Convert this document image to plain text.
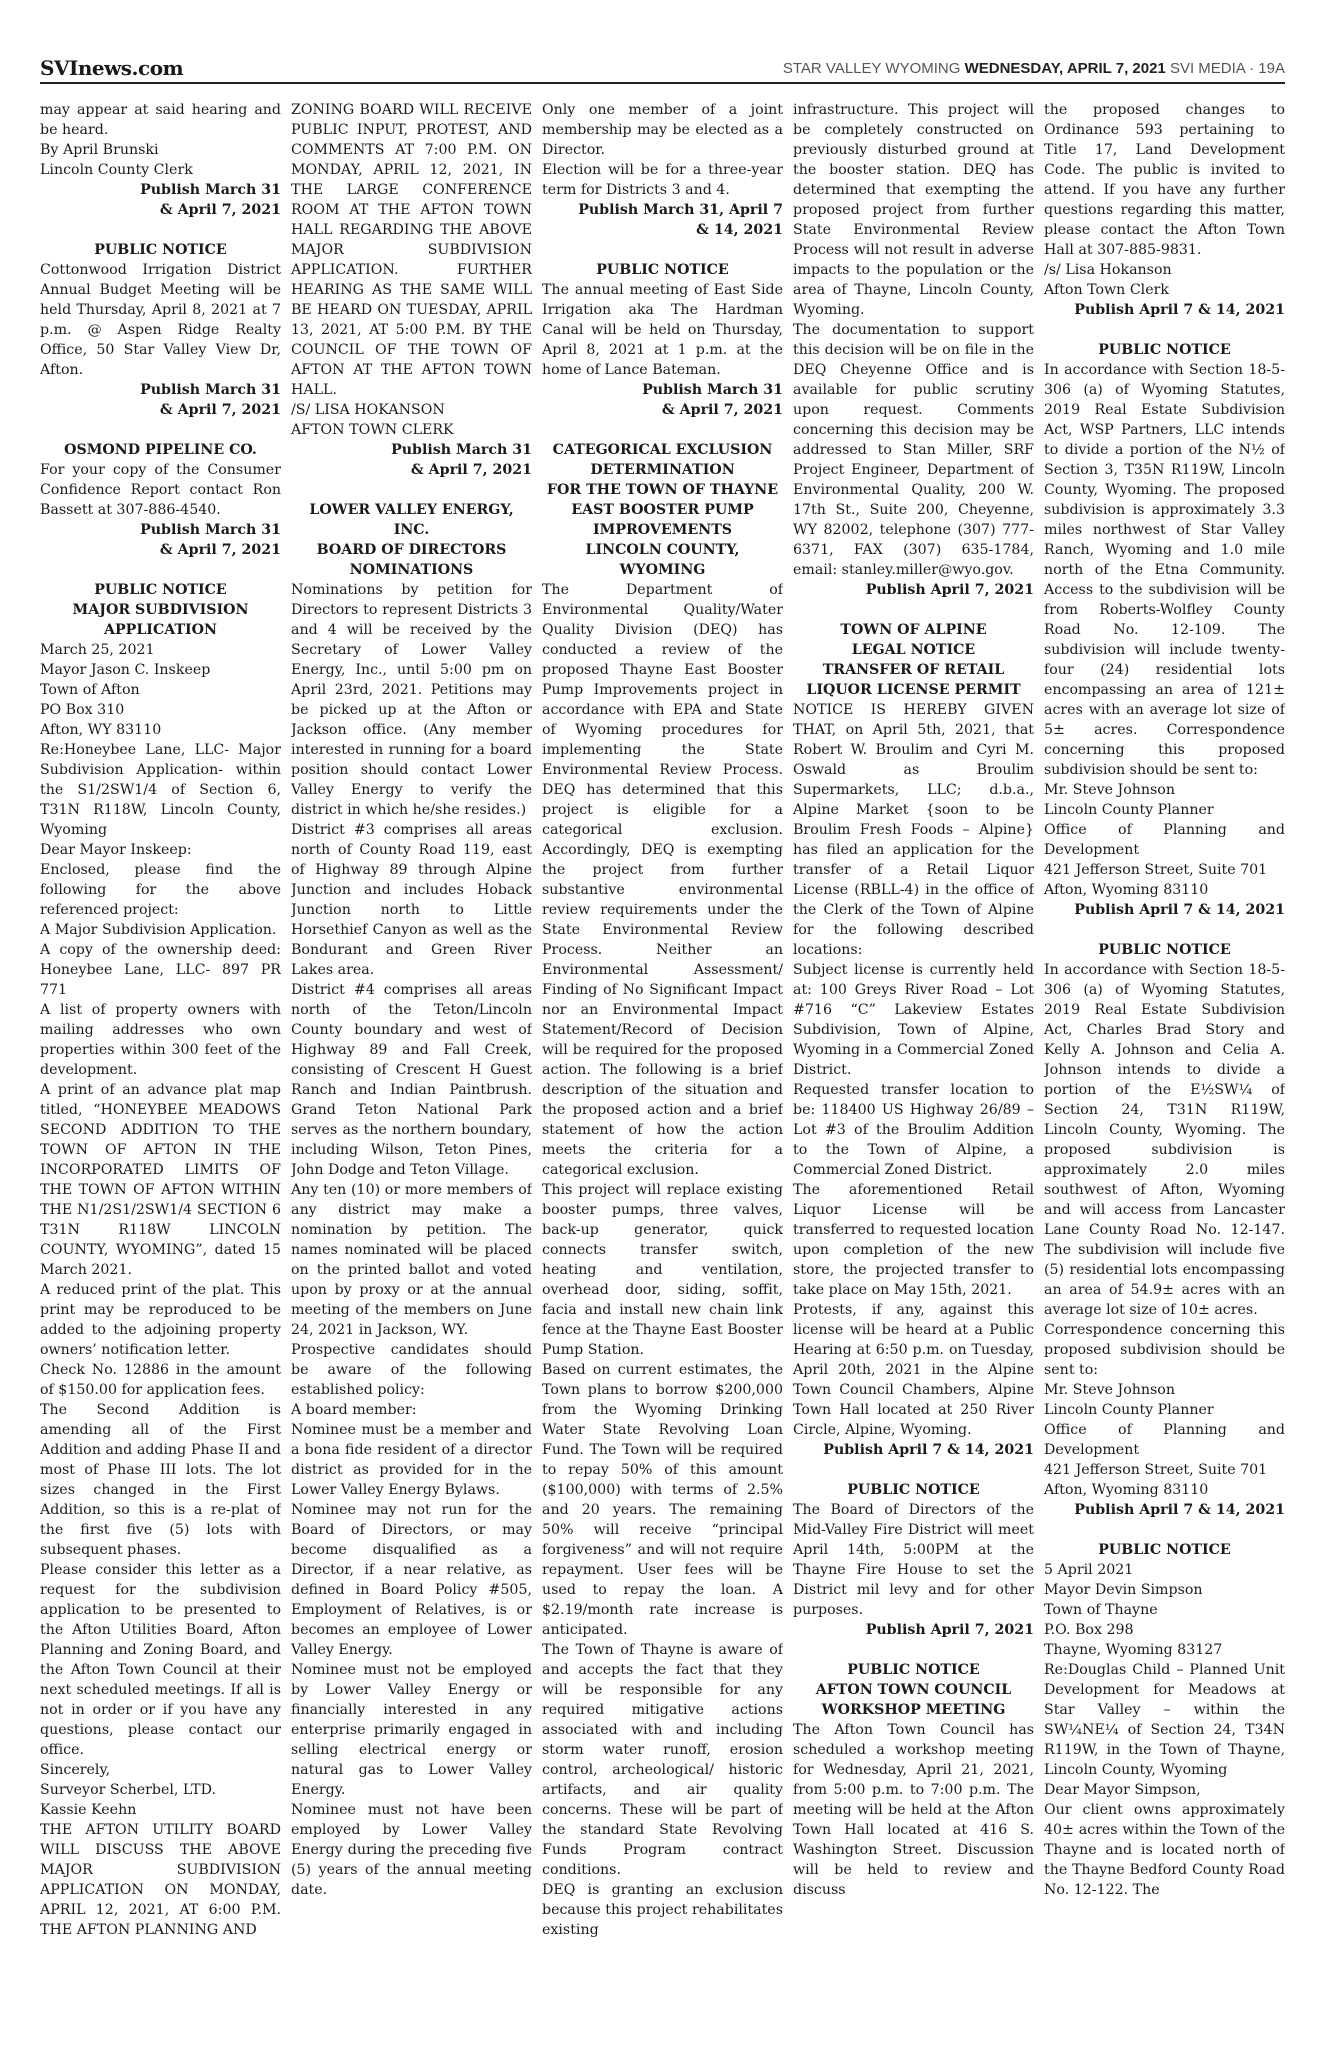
SVInews.com	STAR VALLEY WYOMING WEDNESDAY, APRIL 7, 2021 SVI MEDIA · 19A

may appear at said hearing and be heard.

By April Brunski

Lincoln County Clerk

Publish March 31

& April 7, 2021

PUBLIC NOTICE

Cottonwood Irrigation District Annual Budget Meeting will be held Thursday, April 8, 2021 at 7 p.m. @ Aspen Ridge Realty Office, 50 Star Valley View Dr, Afton.

Publish March 31

& April 7, 2021

OSMOND PIPELINE CO.

For your copy of the Consumer Confidence Report contact Ron Bassett at 307-886-4540.

Publish March 31

& April 7, 2021

PUBLIC NOTICE

MAJOR SUBDIVISION APPLICATION

March 25, 2021

Mayor Jason C. Inskeep

Town of Afton

PO Box 310

Afton, WY 83110

Re:Honeybee Lane, LLC- Major Subdivision Application- within the S1/2SW1/4 of Section 6, T31N R118W, Lincoln County, Wyoming

Dear Mayor Inskeep:

Enclosed, please find the following for the above referenced project:

A Major Subdivision Application.

A copy of the ownership deed: Honeybee Lane, LLC- 897 PR 771

A list of property owners with mailing addresses who own properties within 300 feet of the development.

A print of an advance plat map titled, “HONEYBEE MEADOWS SECOND ADDITION TO THE TOWN OF AFTON IN THE INCORPORATED LIMITS OF THE TOWN OF AFTON WITHIN THE N1/2S1/2SW1/4 SECTION 6 T31N R118W LINCOLN COUNTY, WYOMING”, dated 15 March 2021.

A reduced print of the plat. This print may be reproduced to be added to the adjoining property owners’ notification letter.

Check No. 12886 in the amount of $150.00 for application fees.

The Second Addition is amending all of the First Addition and adding Phase II and most of Phase III lots. The lot sizes changed in the First Addition, so this is a re-plat of the first five (5) lots with subsequent phases.

Please consider this letter as a request for the subdivision application to be presented to the Afton Utilities Board, Afton Planning and Zoning Board, and the Afton Town Council at their next scheduled meetings. If all is not in order or if you have any questions, please contact our office.

Sincerely,

Surveyor Scherbel, LTD.

Kassie Keehn

THE AFTON UTILITY BOARD WILL DISCUSS THE ABOVE MAJOR SUBDIVISION APPLICATION ON MONDAY, APRIL 12, 2021, AT 6:00 P.M. THE AFTON PLANNING AND

ZONING BOARD WILL RECEIVE PUBLIC INPUT, PROTEST, AND COMMENTS AT 7:00 P.M. ON MONDAY, APRIL 12, 2021, IN THE LARGE CONFERENCE ROOM AT THE AFTON TOWN HALL REGARDING THE ABOVE MAJOR SUBDIVISION APPLICATION. FURTHER HEARING AS THE SAME WILL BE HEARD ON TUESDAY, APRIL 13, 2021, AT 5:00 P.M. BY THE COUNCIL OF THE TOWN OF AFTON AT THE AFTON TOWN HALL.

/S/ LISA HOKANSON

AFTON TOWN CLERK

Publish March 31

& April 7, 2021

LOWER VALLEY ENERGY, INC.

BOARD OF DIRECTORS NOMINATIONS

Nominations by petition for Directors to represent Districts 3 and 4 will be received by the Secretary of Lower Valley Energy, Inc., until 5:00 pm on April 23rd, 2021. Petitions may be picked up at the Afton or Jackson office. (Any member interested in running for a board position should contact Lower Valley Energy to verify the district in which he/she resides.)

District #3 comprises all areas north of County Road 119, east of Highway 89 through Alpine Junction and includes Hoback Junction north to Little Horsethief Canyon as well as the Bondurant and Green River Lakes area.

District #4 comprises all areas north of the Teton/Lincoln County boundary and west of Highway 89 and Fall Creek, consisting of Crescent H Guest Ranch and Indian Paintbrush. Grand Teton National Park serves as the northern boundary, including Wilson, Teton Pines, John Dodge and Teton Village.

Any ten (10) or more members of any district may make a nomination by petition. The names nominated will be placed on the printed ballot and voted upon by proxy or at the annual meeting of the members on June 24, 2021 in Jackson, WY.

Prospective candidates should be aware of the following established policy:

A board member:

Nominee must be a member and a bona fide resident of a director district as provided for in the Lower Valley Energy Bylaws.

Nominee may not run for the Board of Directors, or may become disqualified as a Director, if a near relative, as defined in Board Policy #505, Employment of Relatives, is or becomes an employee of Lower Valley Energy.

Nominee must not be employed by Lower Valley Energy or financially interested in any enterprise primarily engaged in selling electrical energy or natural gas to Lower Valley Energy.

Nominee must not have been employed by Lower Valley Energy during the preceding five (5) years of the annual meeting date.

Only one member of a joint membership may be elected as a Director.

Election will be for a three-year term for Districts 3 and 4.

Publish March 31, April 7

& 14, 2021

PUBLIC NOTICE

The annual meeting of East Side Irrigation aka The Hardman Canal will be held on Thursday, April 8, 2021 at 1 p.m. at the home of Lance Bateman.

Publish March 31

& April 7, 2021

CATEGORICAL EXCLUSION DETERMINATION

FOR THE TOWN OF THAYNE EAST BOOSTER PUMP IMPROVEMENTS

LINCOLN COUNTY, WYOMING

The Department of Environmental Quality/Water Quality Division (DEQ) has conducted a review of the proposed Thayne East Booster Pump Improvements project in accordance with EPA and State of Wyoming procedures for implementing the State Environmental Review Process. DEQ has determined that this project is eligible for a categorical exclusion. Accordingly, DEQ is exempting the project from further substantive environmental review requirements under the State Environmental Review Process. Neither an Environmental Assessment/ Finding of No Significant Impact nor an Environmental Impact Statement/Record of Decision will be required for the proposed action. The following is a brief description of the situation and the proposed action and a brief statement of how the action meets the criteria for a categorical exclusion.

This project will replace existing booster pumps, three valves, back-up generator, quick connects transfer switch, heating and ventilation, overhead door, siding, soffit, facia and install new chain link fence at the Thayne East Booster Pump Station.

Based on current estimates, the Town plans to borrow $200,000 from the Wyoming Drinking Water State Revolving Loan Fund. The Town will be required to repay 50% of this amount ($100,000) with terms of 2.5% and 20 years. The remaining 50% will receive “principal forgiveness” and will not require repayment. User fees will be used to repay the loan. A $2.19/month rate increase is anticipated.

The Town of Thayne is aware of and accepts the fact that they will be responsible for any required mitigative actions associated with and including storm water runoff, erosion control, archeological/ historic artifacts, and air quality concerns. These will be part of the standard State Revolving Funds Program contract conditions.

DEQ is granting an exclusion because this project rehabilitates existing

infrastructure. This project will be completely constructed on previously disturbed ground at the booster station. DEQ has determined that exempting the proposed project from further State Environmental Review Process will not result in adverse impacts to the population or the area of Thayne, Lincoln County, Wyoming.

The documentation to support this decision will be on file in the DEQ Cheyenne Office and is available for public scrutiny upon request. Comments concerning this decision may be addressed to Stan Miller, SRF Project Engineer, Department of Environmental Quality, 200 W. 17th St., Suite 200, Cheyenne, WY 82002, telephone (307) 777-6371, FAX (307) 635-1784, email: stanley.miller@wyo.gov.

Publish April 7, 2021

TOWN OF ALPINE

LEGAL NOTICE

TRANSFER OF RETAIL LIQUOR LICENSE PERMIT

NOTICE IS HEREBY GIVEN THAT, on April 5th, 2021, that Robert W. Broulim and Cyri M. Oswald as Broulim Supermarkets, LLC; d.b.a., Alpine Market {soon to be Broulim Fresh Foods – Alpine} has filed an application for the transfer of a Retail Liquor License (RBLL-4) in the office of the Clerk of the Town of Alpine for the following described locations:

Subject license is currently held at: 100 Greys River Road – Lot #716 “C” Lakeview Estates Subdivision, Town of Alpine, Wyoming in a Commercial Zoned District.

Requested transfer location to be: 118400 US Highway 26/89 – Lot #3 of the Broulim Addition to the Town of Alpine, a Commercial Zoned District.

The aforementioned Retail Liquor License will be transferred to requested location upon completion of the new store, the projected transfer to take place on May 15th, 2021.

Protests, if any, against this license will be heard at a Public Hearing at 6:50 p.m. on Tuesday, April 20th, 2021 in the Alpine Town Council Chambers, Alpine Town Hall located at 250 River Circle, Alpine, Wyoming.

Publish April 7 & 14, 2021

PUBLIC NOTICE

The Board of Directors of the Mid-Valley Fire District will meet April 14th, 5:00PM at the Thayne Fire House to set the District mil levy and for other purposes.

Publish April 7, 2021

PUBLIC NOTICE

AFTON TOWN COUNCIL WORKSHOP MEETING

The Afton Town Council has scheduled a workshop meeting for Wednesday, April 21, 2021, from 5:00 p.m. to 7:00 p.m. The meeting will be held at the Afton Town Hall located at 416 S. Washington Street. Discussion will be held to review and discuss

the proposed changes to Ordinance 593 pertaining to Title 17, Land Development Code. The public is invited to attend. If you have any further questions regarding this matter, please contact the Afton Town Hall at 307-885-9831.

/s/ Lisa Hokanson

Afton Town Clerk

Publish April 7 & 14, 2021

PUBLIC NOTICE

In accordance with Section 18-5-306 (a) of Wyoming Statutes, 2019 Real Estate Subdivision Act, WSP Partners, LLC intends to divide a portion of the N½ of Section 3, T35N R119W, Lincoln County, Wyoming. The proposed subdivision is approximately 3.3 miles northwest of Star Valley Ranch, Wyoming and 1.0 mile north of the Etna Community. Access to the subdivision will be from Roberts-Wolfley County Road No. 12-109. The subdivision will include twenty-four (24) residential lots encompassing an area of 121± acres with an average lot size of 5± acres. Correspondence concerning this proposed subdivision should be sent to:

Mr. Steve Johnson

Lincoln County Planner

Office of Planning and Development

421 Jefferson Street, Suite 701

Afton, Wyoming 83110

Publish April 7 & 14, 2021

PUBLIC NOTICE

In accordance with Section 18-5-306 (a) of Wyoming Statutes, 2019 Real Estate Subdivision Act, Charles Brad Story and Kelly A. Johnson and Celia A. Johnson intends to divide a portion of the E½SW¼ of Section 24, T31N R119W, Lincoln County, Wyoming. The proposed subdivision is approximately 2.0 miles southwest of Afton, Wyoming and will access from Lancaster Lane County Road No. 12-147. The subdivision will include five (5) residential lots encompassing an area of 54.9± acres with an average lot size of 10± acres.

Correspondence concerning this proposed subdivision should be sent to:

Mr. Steve Johnson

Lincoln County Planner

Office of Planning and Development

421 Jefferson Street, Suite 701

Afton, Wyoming 83110

Publish April 7 & 14, 2021

PUBLIC NOTICE

5 April 2021

Mayor Devin Simpson

Town of Thayne

P.O. Box 298

Thayne, Wyoming 83127

Re:Douglas Child – Planned Unit Development for Meadows at Star Valley – within the SW¼NE¼ of Section 24, T34N R119W, in the Town of Thayne, Lincoln County, Wyoming

Dear Mayor Simpson,

Our client owns approximately 40± acres within the Town of the Thayne and is located north of the Thayne Bedford County Road No. 12-122. The
